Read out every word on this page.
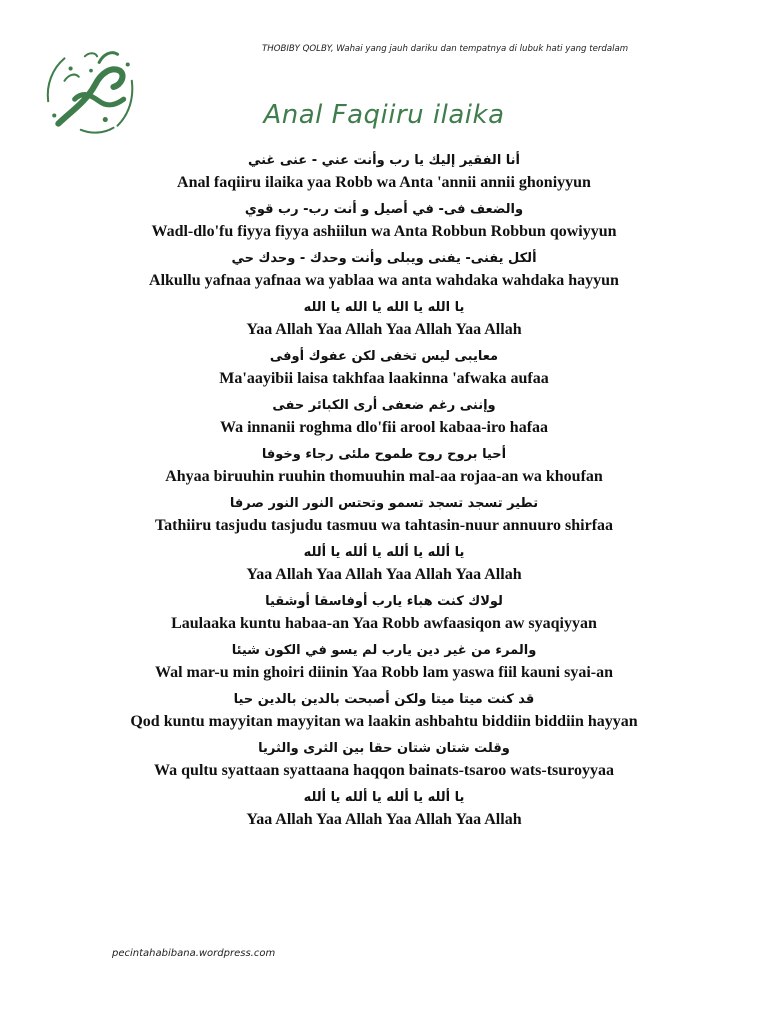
THOBIBY QOLBY, Wahai yang jauh dariku dan tempatnya di lubuk hati yang terdalam
Anal Faqiiru ilaika
أنا الفقير إليك يا رب وأنت عني - عنى غني
Anal faqiiru ilaika yaa Robb wa Anta 'annii annii ghoniyyun
والضعف فى- في أصيل و أنت رب- رب قوي
Wadl-dlo'fu fiyya fiyya ashiilun wa Anta Robbun Robbun qowiyyun
ألكل يفنى- يفنى ويبلى وأنت وحدك - وحدك حي
Alkullu yafnaa yafnaa wa yablaa wa anta wahdaka wahdaka hayyun
يا الله يا الله يا الله يا الله
Yaa Allah Yaa Allah Yaa Allah Yaa Allah
معايبى ليس تخفى لكن عفوك أوفى
Ma'aayibii laisa takhfaa laakinna 'afwaka aufaa
وإننى رغم ضعفى أرى الكبائر حفى
Wa innanii roghma dlo'fii arool kabaa-iro hafaa
أحيا بروح روح طموح ملئى رجاء وخوفا
Ahyaa biruuhin ruuhin thomuuhin mal-aa rojaa-an wa khoufan
تطير تسجد تسجد تسمو وتحتس النور النور صرفا
Tathiiru tasjudu tasjudu tasmuu wa tahtasin-nuur annuuro shirfaa
يا ألله يا ألله يا ألله يا ألله
Yaa Allah Yaa Allah Yaa Allah Yaa Allah
لولاك كنت هباء يارب أوفاسقا أوشقيا
Laulaaka kuntu habaa-an Yaa Robb awfaasiqon aw syaqiyyan
والمرء من غير دين يارب لم يسو في الكون شيئا
Wal mar-u min ghoiri diinin Yaa Robb lam yaswa fiil kauni syai-an
قد كنت ميتا ميتا ولكن أصبحت بالدين بالدين حيا
Qod kuntu mayyitan mayyitan wa laakin ashbahtu biddiin biddiin hayyan
وقلت شتان شتان حقا بين الثرى والثريا
Wa qultu syattaan syattaana haqqon bainats-tsaroo wats-tsuroyyaa
يا ألله يا ألله يا ألله يا ألله
Yaa Allah Yaa Allah Yaa Allah Yaa Allah
pecintahabibana.wordpress.com
